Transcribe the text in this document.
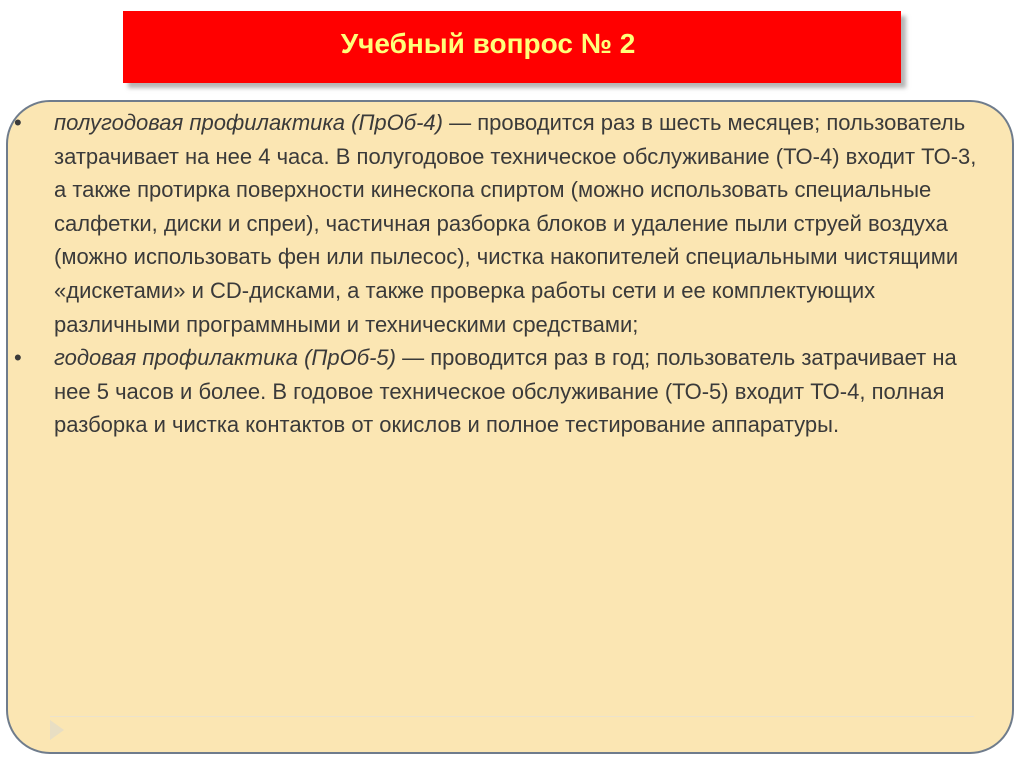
Учебный вопрос № 2
•	полугодовая профилактика (ПрОб-4) — проводится раз в шесть месяцев; пользователь затрачивает на нее 4 часа. В полугодовое техническое обслуживание (ТО-4) входит ТО-3, а также протирка поверхности кинескопа спиртом (можно использовать специальные салфетки, диски и спреи), частичная разборка блоков и удаление пыли струей воздуха (можно использовать фен или пылесос), чистка накопителей специальными чистящими «дискетами» и CD-дисками, а также проверка работы сети и ее комплектующих различными программными и техническими средствами;
•	годовая профилактика (ПрОб-5) — проводится раз в год; пользователь затрачивает на нее 5 часов и более. В годовое техническое обслуживание (ТО-5) входит ТО-4, полная разборка и чистка контактов от окислов и полное тестирование аппаратуры.
